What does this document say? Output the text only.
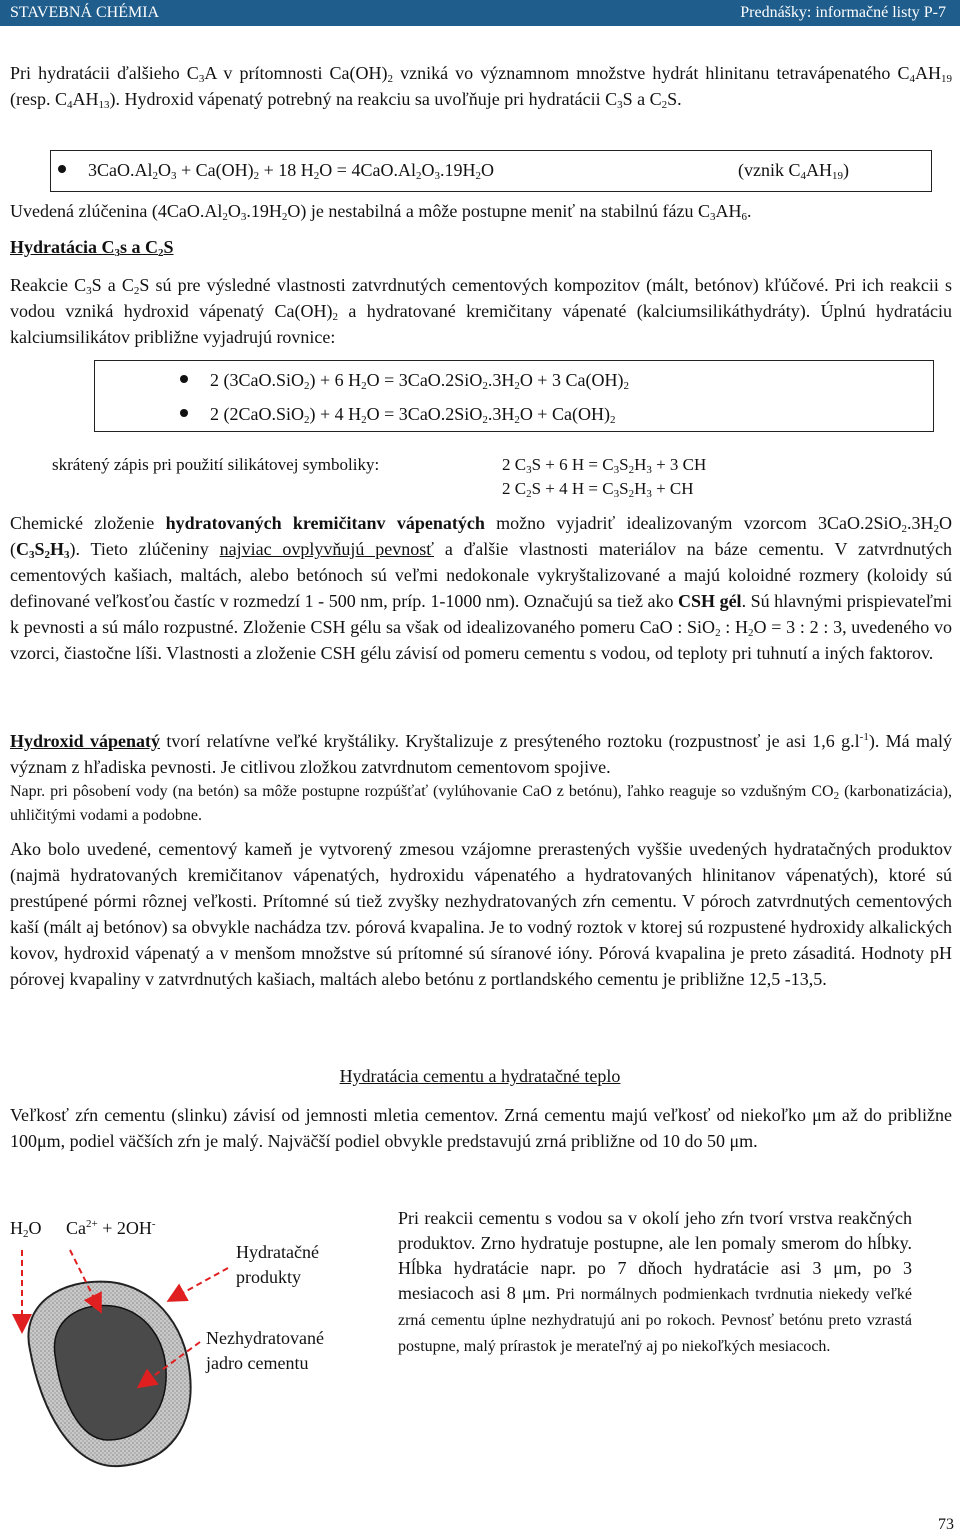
STAVEBNÁ CHÉMIA	Prednášky: informačné listy P-7

Pri hydratácii ďalšieho $C_3A$ v prítomnosti $Ca(OH)_2$ vzniká vo významnom množstve hydrát hlinitanu tetravápenatého $C_4AH_{19}$ (resp. $C_4AH_{13}$). Hydroxid vápenatý potrebný na reakciu sa uvoľňuje pri hydratácii $C_3S$ a $C_2S$.

$3CaO.Al_2O_3 + Ca(OH)_2 + 18$ $H_2O = 4CaO.Al_2O_3.19H_2O$	(vznik $C_4AH_{19}$)

Uvedená zlúčenina $(4CaO.Al_2O_3.19H_2O)$ je nestabilná a môže postupne meniť na stabilnú fázu $C_3AH_6$.

Hydratácia $C_3s$ a $C_2S$

Reakcie $C_3S$ a $C_2S$ sú pre výsledné vlastnosti zatvrdnutých cementových kompozitov (mált, betónov) kľúčové. Pri ich reakcii s vodou vzniká hydroxid vápenatý $Ca(OH)_2$ a hydratované kremičitany vápenaté (kalciumsilikáthydráty). Úplnú hydratáciu kalciumsilikátov približne vyjadrujú rovnice:

2 (3CaO.SiO$_2$) + 6 $H_2O = 3CaO.2SiO_2.3H_2O + 3$ $Ca(OH)_2$
2 (2CaO.SiO$_2$) + 4 $H_2O = 3CaO.2SiO_2.3H_2O + Ca(OH)_2$
skrátený zápis pri použití silikátovej symboliky:	2 $C_3S + 6$ $H = C_3S_2H_3 + 3$ CH
2 $C_2S + 4$ $H = C_3S_2H_3$ + CH

Chemické zloženie hydratovaných kremičitanv vápenatých možno vyjadriť idealizovaným vzorcom $3CaO.2SiO_2.3H_2O$ $(C_3S_2H_3)$. Tieto zlúčeniny najviac ovplyvňujú pevnosť a ďalšie vlastnosti materiálov na báze cementu. V zatvrdnutých cementových kašiach, maltách, alebo betónoch sú veľmi nedokonale vykryštalizované a majú koloidné rozmery (koloidy sú definované veľkosťou častíc v rozmedzí 1 - 500 nm, príp. 1-1000 nm). Označujú sa tiež ako CSH gél. Sú hlavnými prispievateľmi k pevnosti a sú málo rozpustné. Zloženie CSH gélu sa však od idealizovaného pomeru CaO : SiO$_2$ : $H_2O = 3$ : 2 : 3, uvedeného vo vzorci, čiastočne líši. Vlastnosti a zloženie CSH gélu závisí od pomeru cementu s vodou, od teploty pri tuhnutí a iných faktorov.

Hydroxid vápenatý tvorí relatívne veľké kryštáliky. Kryštalizuje z presýteného roztoku (rozpustnosť je asi 1,6 $g.l^{-1}$). Má malý význam z hľadiska pevnosti. Je citlivou zložkou zatvrdnutom cementovom spojive.

Napr. pri pôsobení vody (na betón) sa môže postupne rozpúšťať (vylúhovanie CaO z betónu), ľahko reaguje so vzdušným $CO_2$ (karbonatizácia), uhličitými vodami a podobne.

Ako bolo uvedené, cementový kameň je vytvorený zmesou vzájomne prerastených vyššie uvedených hydratačných produktov (najmä hydratovaných kremičitanov vápenatých, hydroxidu vápenatého a hydratovaných hlinitanov vápenatých), ktoré sú prestúpené pórmi rôznej veľkosti. Prítomné sú tiež zvyšky nezhydratovaných zŕn cementu. V póroch zatvrdnutých cementových kaší (mált aj betónov) sa obvykle nachádza tzv. pórová kvapalina. Je to vodný roztok v ktorej sú rozpustené hydroxidy alkalických kovov, hydroxid vápenatý a v menšom množstve sú prítomné sú síranové ióny. Pórová kvapalina je preto zásaditá. Hodnoty pH pórovej kvapaliny v zatvrdnutých kašiach, maltách alebo betónu z portlandského cementu je približne 12,5 -13,5.

Hydratácia cementu a hydratačné teplo

Veľkosť zŕn cementu (slinku) závisí od jemnosti mletia cementov. Zrná cementu majú veľkosť od niekoľko μm až do približne 100μm, podiel väčších zŕn je malý. Najväčší podiel obvykle predstavujú zrná približne od 10 do 50 μm.

$H_2O$ $Ca^{2+} + 2OH^-$
Hydratačné
produkty
Nezhydratované
jadro cementu

Pri reakcii cementu s vodou sa v okolí jeho zŕn tvorí vrstva reakčných produktov. Zrno hydratuje postupne, ale len pomaly smerom do hĺbky. Hĺbka hydratácie napr. po 7 dňoch hydratácie asi 3 μm, po 3 mesiacoch asi 8 μm. Pri normálnych podmienkach tvrdnutia niekedy veľké zrná cementu úplne nezhydratujú ani po rokoch. Pevnosť betónu preto vzrastá postupne, malý prírastok je merateľný aj po niekoľkých mesiacoch.

73
